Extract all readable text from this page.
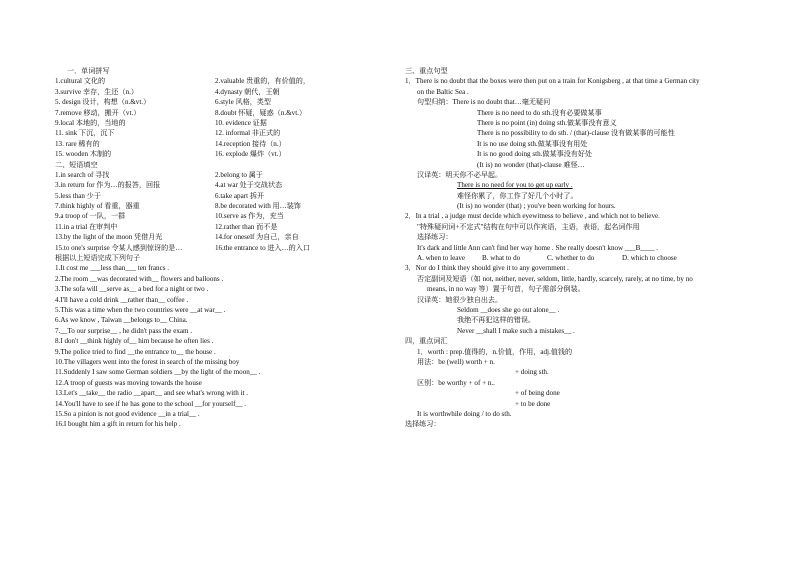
一．单词拼写
1.cultural 文化的	2.valuable 贵重的，有价值的，
3.survive 幸存，生还（n.）	4.dynasty 朝代，王朝
5. design 设计，构想（n.&vt.）	6.style 风格，类型
7.remove 移动，搬开（vt.）	8.doubt 怀疑，疑惑（n.&vt.）
9.local 本地的，当地的	10. evidence 证据
11. sink 下沉，沉下	12. informal 非正式的
13. rare 稀有的	14.reception 接待（n.）
15. wooden 木制的	16. explode 爆炸（vt.）
二、短语填空
1.in search of 寻找	2.belong to 属于
3.in return for 作为…的报答，回报	4.at war 处于交战状态
5.less than 少于	6.take apart 拆开
7.think highly of 看重，器重	8.be decorated with 用…装饰
9.a troop of 一队，一群	10.serve as 作为，充当
11.in a trial 在审判中	12.rather than 而不是
13.by the light of the moon 凭借月光	14.for oneself 为自己，亲自
15.to one's surprise 令某人感到惊讶的是…	16.the entrance to 进入…的入口
根据以上短语完成下列句子
1.It cost me ___less than___ ten francs .
2.The room __was decorated with__ flowers and balloons .
3.The sofa will __serve as__ a bed for a night or two .
4.I'll have a cold drink __rather than__ coffee .
5.This was a time when the two countries were __at war__ .
6.As we know , Taiwan __belongs to__ China.
7.__To our surprise__ , he didn't pass the exam .
8.I don't __think highly of__ him because he often lies .
9.The police tried to find __the entrance to__ the house .
10.The villagers went into the forest in search of the missing boy
11.Suddenly I saw some German soldiers __by the light of the moon__ .
12.A troop of guests was moving towards the house
13.Let's __take__ the radio __apart__ and see what's wrong with it .
14.You'll have to see if he has gone to the school __for yourself__ .
15.So a pinion is not good evidence __in a trial__ .
16.I bought him a gift in return for his help .
三、重点句型
1．There is no doubt that the boxes were then put on a train for Konigsberg , at that time a German city
on the Baltic Sea .
句型归纳：There is no doubt that…毫无疑问
There is no need to do sth.没有必要做某事
There is no point (in) doing sth.做某事没有意义
There is no possibility to do sth. / (that)-clause 没有做某事的可能性
It is no use doing sth.做某事没有用处
It is no good doing sth.做某事没有好处
(It is) no wonder (that)-clause 难怪…
汉译英：明天你不必早起。
There is no need for you to get up early .
难怪你累了，你工作了好几个小时了。
(It is) no wonder (that) ; you've been working for hours.
2．In a trial , a judge must decide which eyewitness to believe , and which not to believe.
"特殊疑问词+不定式"结构在句中可以作宾语，主语，表语，起名词作用
选择练习：
It's dark and little Ann can't find her way home . She really doesn't know ___B____ .
A. when to leave	B. what to do	C. whether to do	D. which to choose
3．Nor do I think they should give it to any government .
否定副词及短语（如 not, neither, never, seldom, little, hardly, scarcely, rarely, at no time, by no
means, in no way 等）置于句首，句子需部分倒装。
汉译英：她很少独自出去。
Seldom __does she go out alone__ .
我绝不再犯这样的错误。
Never __shall I make such a mistakes__ .
四，重点词汇
1．worth : prep.值得的，n.价值，作用，adj.值钱的
用法：be (well) worth + n.
+ doing sth.
区别：be worthy + of + n..
+ of being done
+ to be done
It is worthwhile doing / to do sth.
选择练习：
